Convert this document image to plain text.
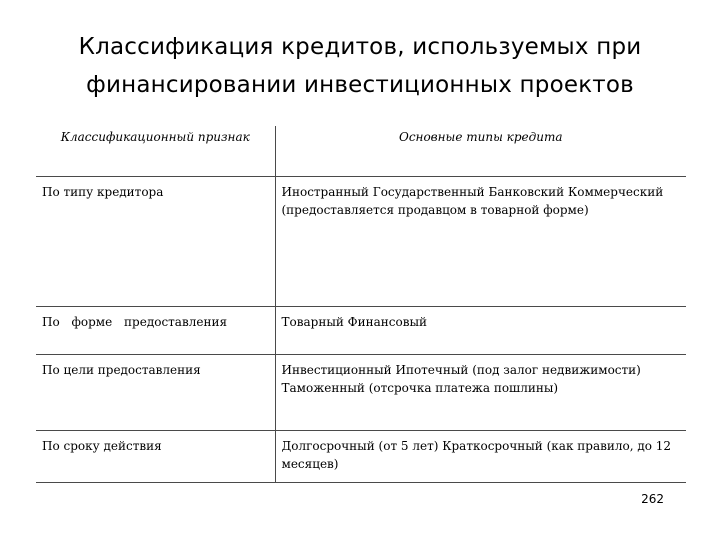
Классификация кредитов, используемых при
финансировании инвестиционных проектов
Классификационный признак	Основные типы кредита
По типу кредитора	Иностранный Государственный Банковский Коммерческий (предоставляется продавцом в товарной форме)
По форме предоставления	Товарный Финансовый
По цели предоставления	Инвестиционный Ипотечный (под залог недвижимости) Таможенный (отсрочка платежа пошлины)
По сроку действия	Долгосрочный (от 5 лет) Краткосрочный (как правило, до 12 месяцев)
262
